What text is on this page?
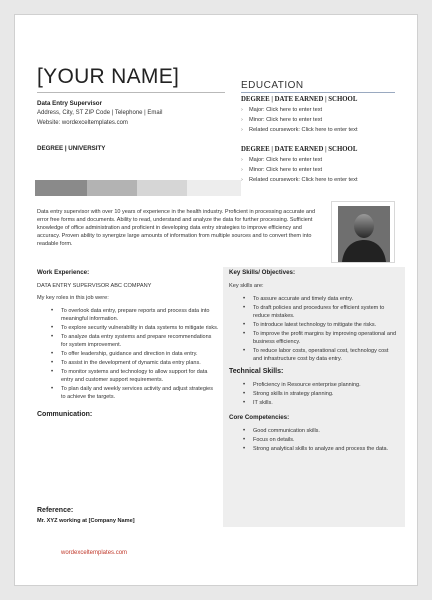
[YOUR NAME]
Data Entry Supervisor
Address, City, ST ZIP Code | Telephone | Email
Website: wordexceltemplates.com
DEGREE | UNIVERSITY
EDUCATION
DEGREE | DATE EARNED | SCHOOL
› Major: Click here to enter text
› Minor: Click here to enter text
› Related coursework: Click here to enter text
DEGREE | DATE EARNED | SCHOOL
› Major: Click here to enter text
› Minor: Click here to enter text
› Related coursework: Click here to enter text
Data entry supervisor with over 10 years of experience in the health industry. Proficient in processing accurate and error free forms and documents. Ability to read, understand and analyze the data for further processing. Sufficient knowledge of office administration and proficient in developing data entry strategies to improve efficiency and accuracy. Proven ability to synergize large amounts of information from multiple sources and to convert them into readable form.
Work Experience:
DATA ENTRY SUPERVISOR ABC COMPANY
My key roles in this job were:
• To overlook data entry, prepare reports and process data into meaningful information.
• To explore security vulnerability in data systems to mitigate risks.
• To analyze data entry systems and prepare recommendations for system improvement.
• To offer leadership, guidance and direction in data entry.
• To assist in the development of dynamic data entry plans.
• To monitor systems and technology to allow support for data entry and customer support requirements.
• To plan daily and weekly services activity and adjust strategies to achieve the targets.
Communication:
Key Skills/ Objectives:
Key skills are:
• To assure accurate and timely data entry.
• To draft policies and procedures for efficient system to reduce mistakes.
• To introduce latest technology to mitigate the risks.
• To improve the profit margins by improving operational and business efficiency.
• To reduce labor costs, operational cost, technology cost and infrastructure cost by data entry.
Technical Skills:
• Proficiency in Resource enterprise planning.
• Strong skills in strategy planning.
• IT skills.
Core Competencies:
• Good communication skills.
• Focus on details.
• Strong analytical skills to analyze and process the data.
Reference:
Mr. XYZ working at [Company Name]
wordexceltemplates.com
